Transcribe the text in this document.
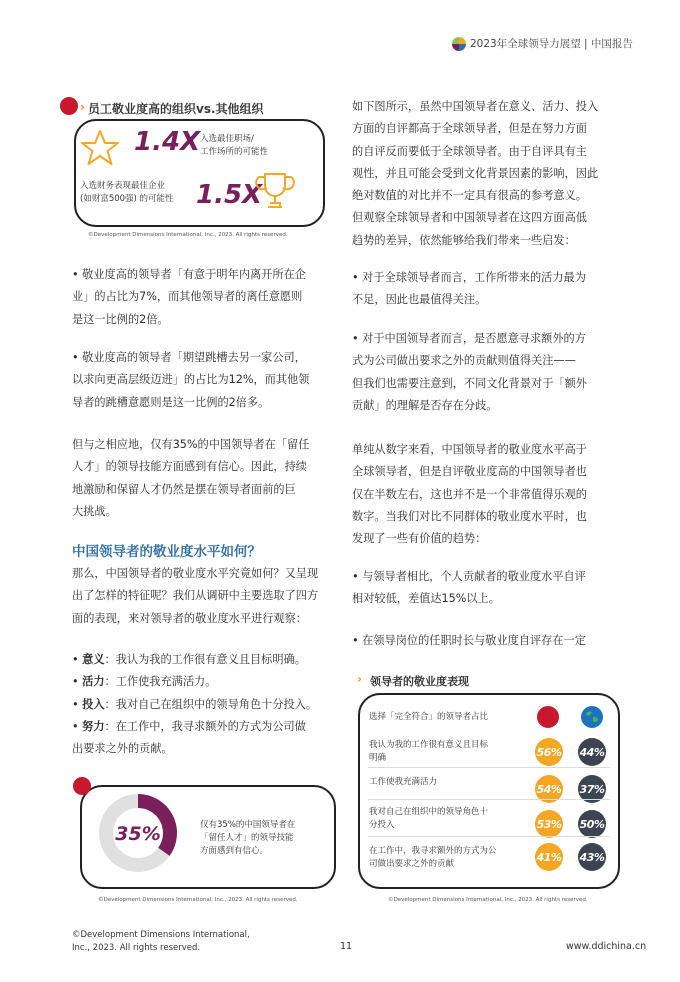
2023年全球领导力展望 | 中国报告
› 员工敬业度高的组织vs.其他组织
1.4X 入选最佳职场/
工作场所的可能性
入选财务表现最佳企业
(如财富500强) 的可能性 1.5X
©Development Dimensions International, Inc., 2023. All rights reserved.
• 敬业度高的领导者「有意于明年内离开所在企
业」的占比为7%，而其他领导者的离任意愿则
是这一比例的2倍。
• 敬业度高的领导者「期望跳槽去另一家公司，
以求向更高层级迈进」的占比为12%，而其他领
导者的跳槽意愿则是这一比例的2倍多。
但与之相应地，仅有35%的中国领导者在「留任
人才」的领导技能方面感到有信心。因此，持续
地激励和保留人才仍然是摆在领导者面前的巨
大挑战。
中国领导者的敬业度水平如何？
那么，中国领导者的敬业度水平究竟如何？又呈现
出了怎样的特征呢？我们从调研中主要选取了四方
面的表现，来对领导者的敬业度水平进行观察：
• 意义：我认为我的工作很有意义且目标明确。
• 活力：工作使我充满活力。
• 投入：我对自己在组织中的领导角色十分投入。
• 努力：在工作中，我寻求额外的方式为公司做
出要求之外的贡献。
35%	仅有35%的中国领导者在
「留任人才」的领导技能
方面感到有信心。
©Development Dimensions International, Inc., 2023. All rights reserved.
如下图所示，虽然中国领导者在意义、活力、投入
方面的自评都高于全球领导者，但是在努力方面
的自评反而要低于全球领导者。由于自评具有主
观性，并且可能会受到文化背景因素的影响，因此
绝对数值的对比并不一定具有很高的参考意义。
但观察全球领导者和中国领导者在这四方面高低
趋势的差异，依然能够给我们带来一些启发：
• 对于全球领导者而言，工作所带来的活力最为
不足，因此也最值得关注。
• 对于中国领导者而言，是否愿意寻求额外的方
式为公司做出要求之外的贡献则值得关注——
但我们也需要注意到，不同文化背景对于「额外
贡献」的理解是否存在分歧。
单纯从数字来看，中国领导者的敬业度水平高于
全球领导者，但是自评敬业度高的中国领导者也
仅在半数左右，这也并不是一个非常值得乐观的
数字。当我们对比不同群体的敬业度水平时，也
发现了一些有价值的趋势：
• 与领导者相比，个人贡献者的敬业度水平自评
相对较低，差值达15%以上。
• 在领导岗位的任职时长与敬业度自评存在一定
› 领导者的敬业度表现
选择「完全符合」的领导者占比
我认为我的工作很有意义且目标
明确	56% 44%
工作使我充满活力
54% 37%
我对自己在组织中的领导角色十
分投入	53% 50%
在工作中，我寻求额外的方式为公
司做出要求之外的贡献
41% 43%
©Development Dimensions International, Inc., 2023. All rights reserved.
©Development Dimensions International,
Inc., 2023. All rights reserved.	11	www.ddichina.cn
